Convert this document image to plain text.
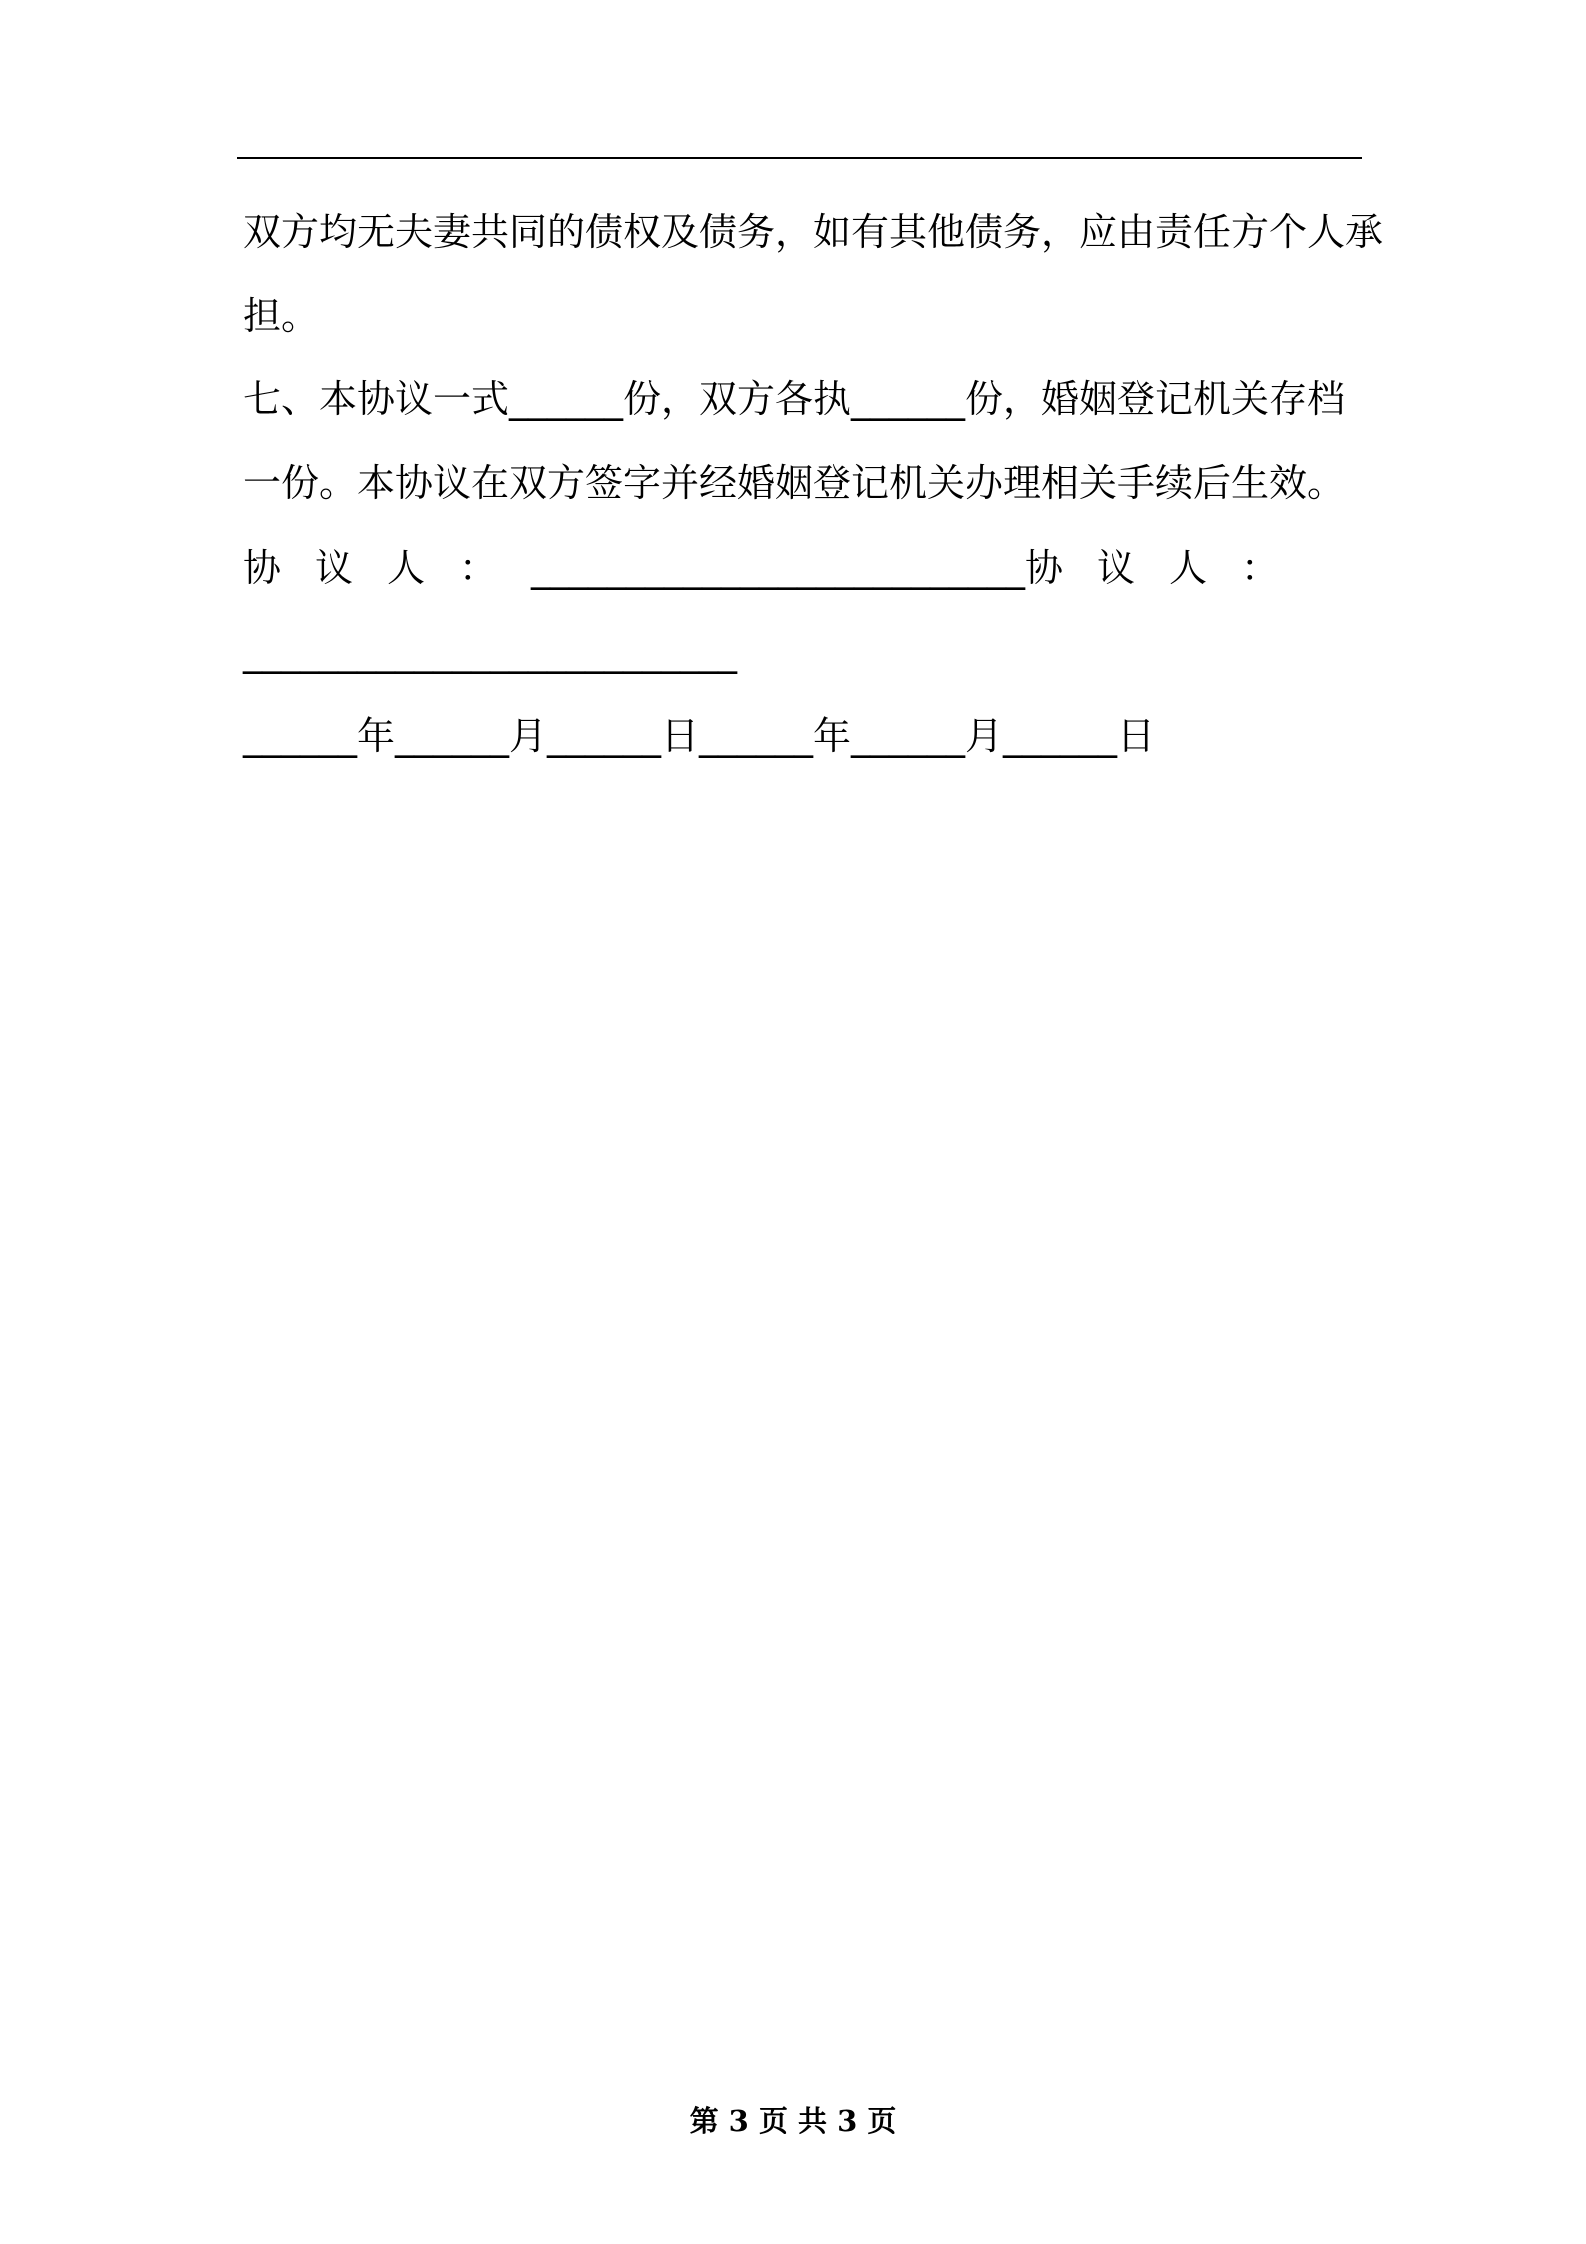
双方均无夫妻共同的债权及债务，如有其他债务，应由责任方个人承
担。
七、本协议一式______份，双方各执______份，婚姻登记机关存档
一份。本协议在双方签字并经婚姻登记机关办理相关手续后生效。
协议人：__________________________协议人：
__________________________
______年______月______日______年______月______日
第 3 页 共 3 页
